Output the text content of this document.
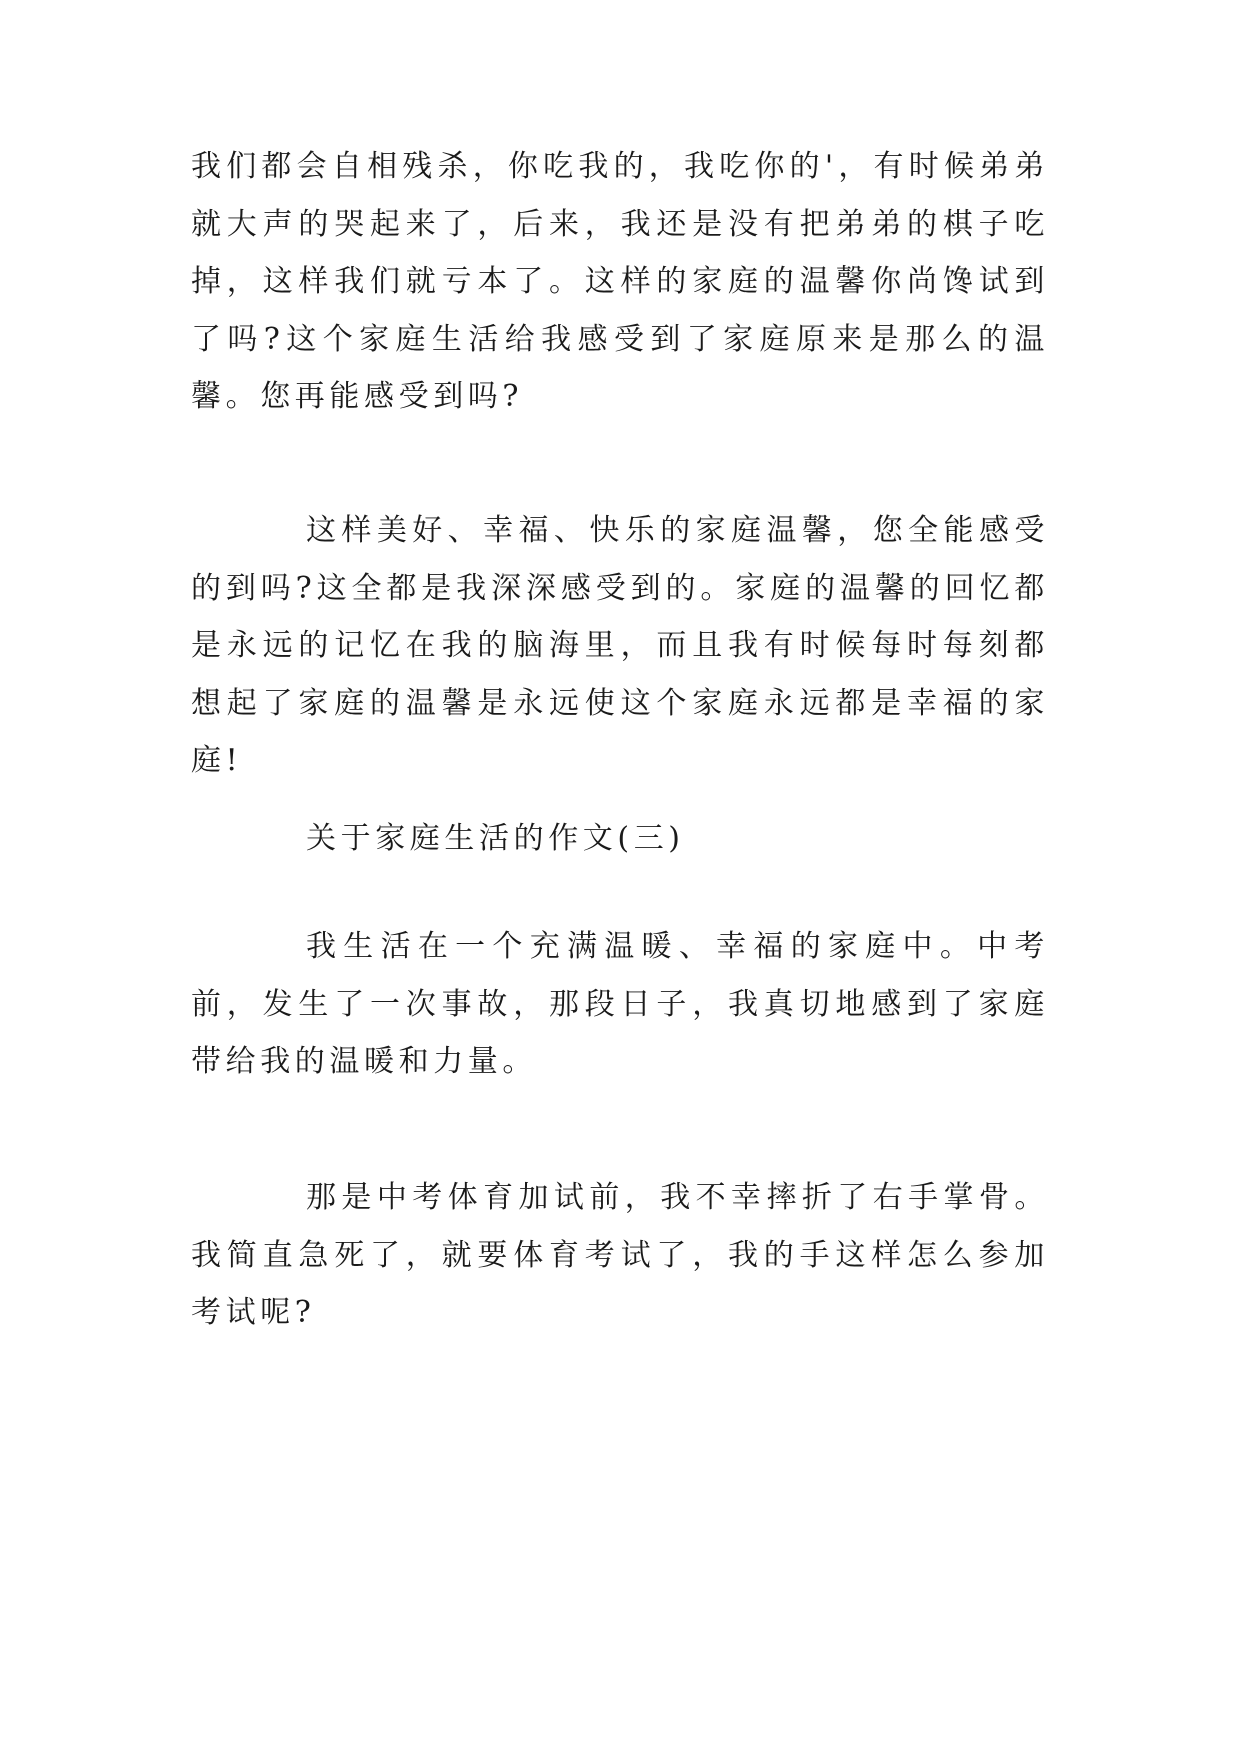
我们都会自相残杀，你吃我的，我吃你的'，有时候弟弟就大声的哭起来了，后来，我还是没有把弟弟的棋子吃掉，这样我们就亏本了。这样的家庭的温馨你尚馋试到了吗?这个家庭生活给我感受到了家庭原来是那么的温馨。您再能感受到吗?

这样美好、幸福、快乐的家庭温馨，您全能感受的到吗?这全都是我深深感受到的。家庭的温馨的回忆都是永远的记忆在我的脑海里，而且我有时候每时每刻都想起了家庭的温馨是永远使这个家庭永远都是幸福的家庭!

关于家庭生活的作文(三)

我生活在一个充满温暖、幸福的家庭中。中考前，发生了一次事故，那段日子，我真切地感到了家庭带给我的温暖和力量。

那是中考体育加试前，我不幸摔折了右手掌骨。我简直急死了，就要体育考试了，我的手这样怎么参加考试呢?
